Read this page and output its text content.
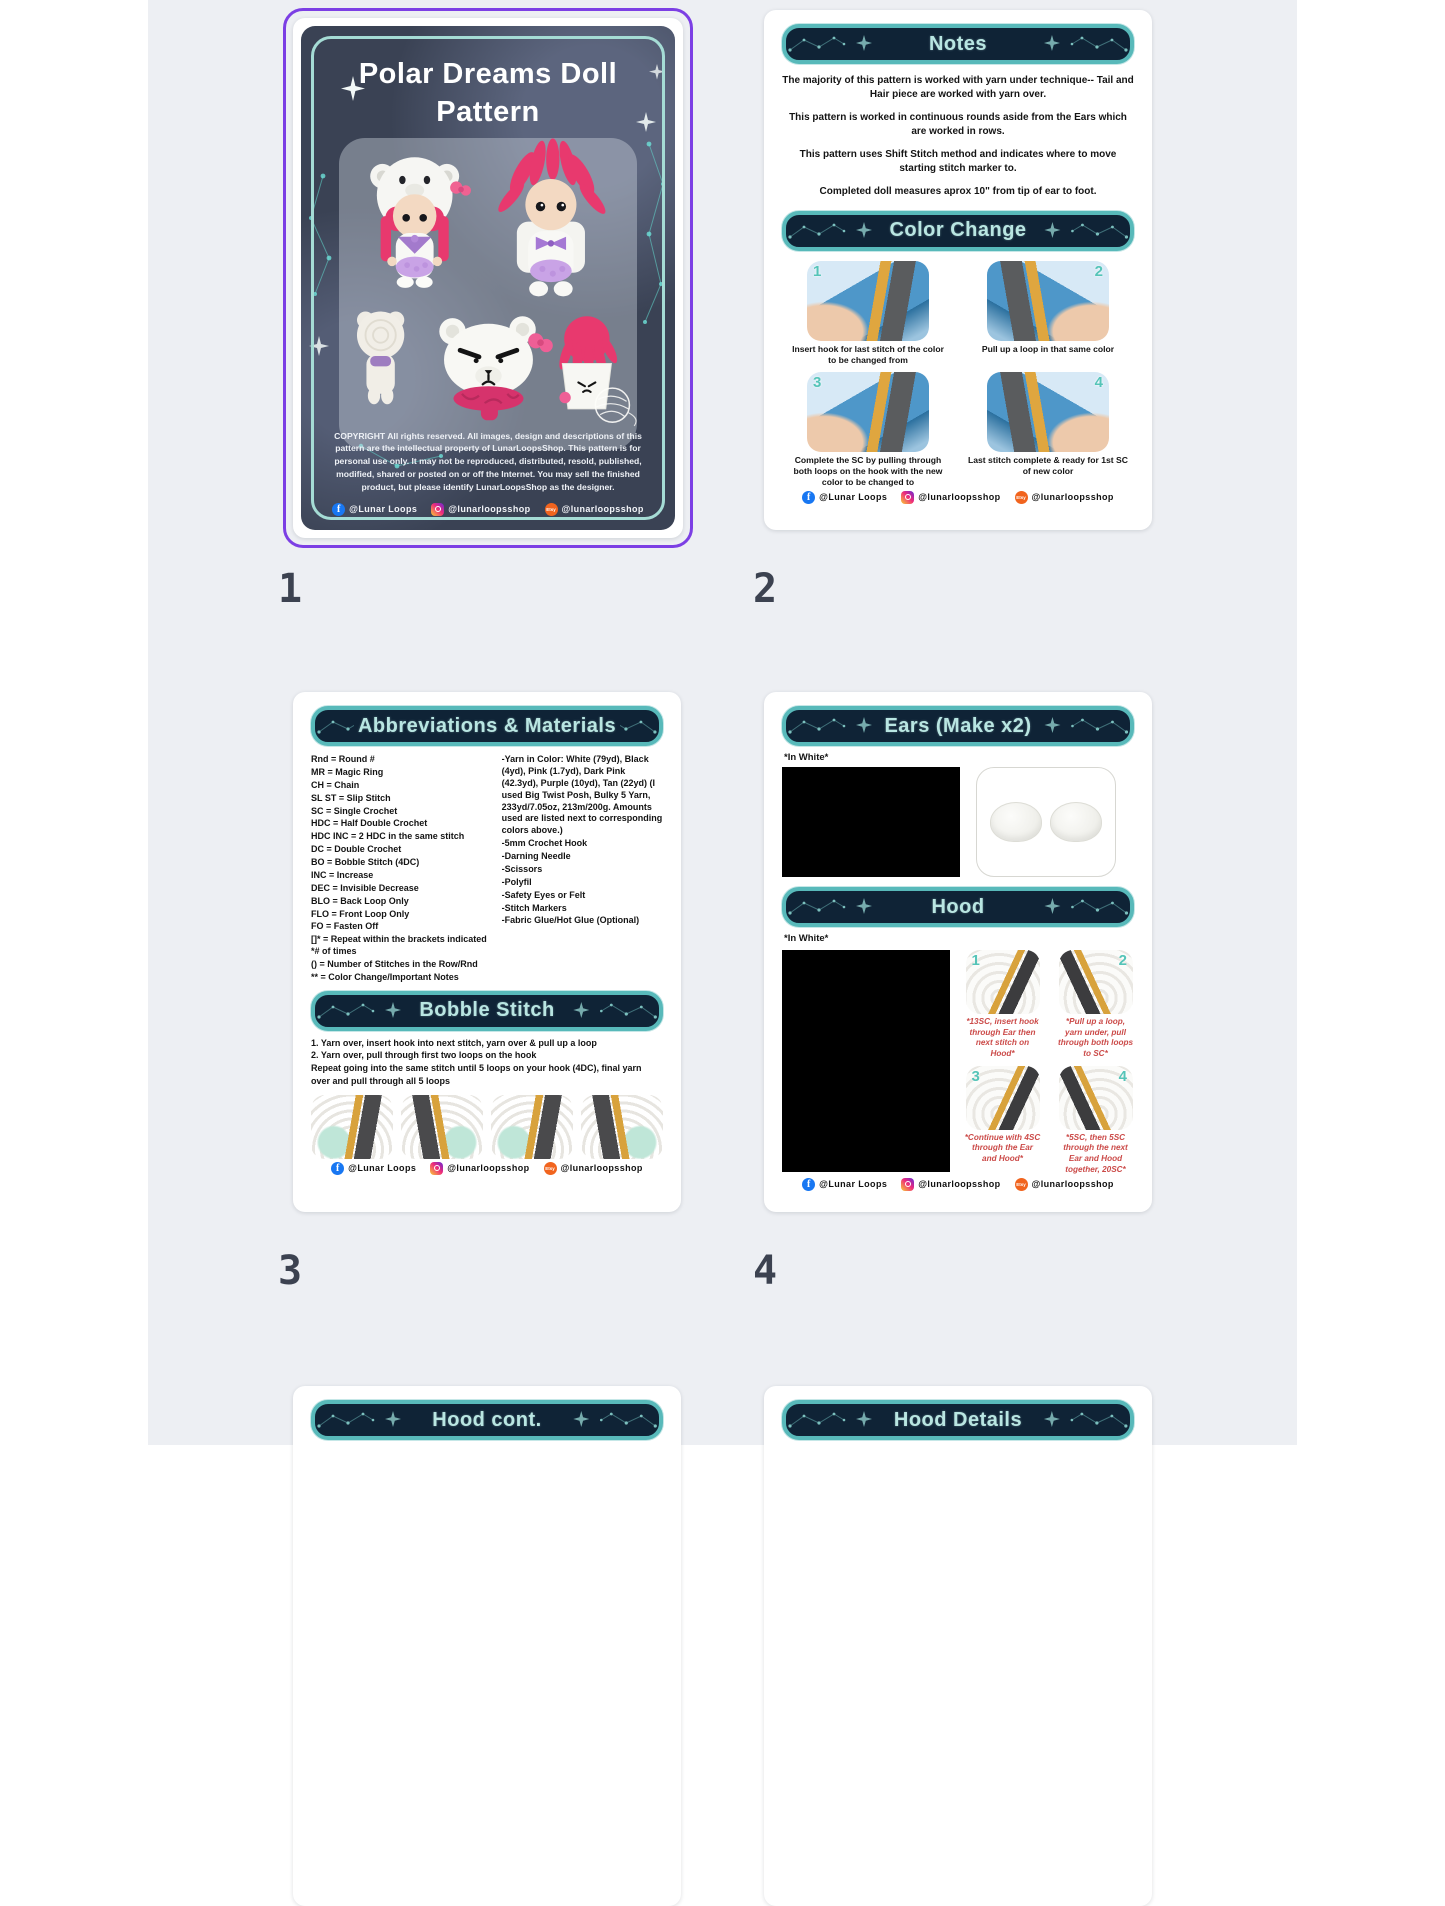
Polar Dreams Doll
Pattern
COPYRIGHT All rights reserved. All images, design and descriptions of this pattern are the intellectual property of LunarLoopsShop. This pattern is for personal use only. It may not be reproduced, distributed, resold, published, modified, shared or posted on or off the Internet. You may sell the finished product, but please identify LunarLoopsShop as the designer.
f @Lunar Loops	@lunarloopsshop	Etsy @lunarloopsshop
Notes

The majority of this pattern is worked with yarn under technique-- Tail and Hair piece are worked with yarn over.

This pattern is worked in continuous rounds aside from the Ears which are worked in rows.

This pattern uses Shift Stitch method and indicates where to move starting stitch marker to.

Completed doll measures aprox 10" from tip of ear to foot.

Color Change
1
Insert hook for last stitch of the color to be changed from
2
Pull up a loop in that same color
3
Complete the SC by pulling through both loops on the hook with the new color to be changed to
4
Last stitch complete & ready for 1st SC of new color
f @Lunar Loops	@lunarloopsshop	Etsy @lunarloopsshop
Abbreviations & Materials
Rnd = Round #
MR = Magic Ring
CH = Chain
SL ST = Slip Stitch
SC = Single Crochet
HDC = Half Double Crochet
HDC INC = 2 HDC in the same stitch
DC = Double Crochet
BO = Bobble Stitch (4DC)
INC = Increase
DEC = Invisible Decrease
BLO = Back Loop Only
FLO = Front Loop Only
FO = Fasten Off
[]* = Repeat within the brackets indicated *# of times
() = Number of Stitches in the Row/Rnd
** = Color Change/Important Notes
-Yarn in Color: White (79yd), Black (4yd), Pink (1.7yd), Dark Pink (42.3yd), Purple (10yd), Tan (22yd) (I used Big Twist Posh, Bulky 5 Yarn, 233yd/7.05oz, 213m/200g. Amounts used are listed next to corresponding colors above.)
-5mm Crochet Hook
-Darning Needle
-Scissors
-Polyfil
-Safety Eyes or Felt
-Stitch Markers
-Fabric Glue/Hot Glue (Optional)
Bobble Stitch
1. Yarn over, insert hook into next stitch, yarn over & pull up a loop
2. Yarn over, pull through first two loops on the hook
Repeat going into the same stitch until 5 loops on your hook (4DC), final yarn over and pull through all 5 loops
f @Lunar Loops	@lunarloopsshop	Etsy @lunarloopsshop
Ears (Make x2)
*In White*
Hood
*In White*
1
*13SC, insert hook through Ear then next stitch on Hood*
2
*Pull up a loop, yarn under, pull through both loops to SC*
3
*Continue with 4SC through the Ear and Hood*
4
*5SC, then 5SC through the next Ear and Hood together, 20SC*
f @Lunar Loops	@lunarloopsshop	Etsy @lunarloopsshop
Hood cont.	Hood Details
1	2
3	4
